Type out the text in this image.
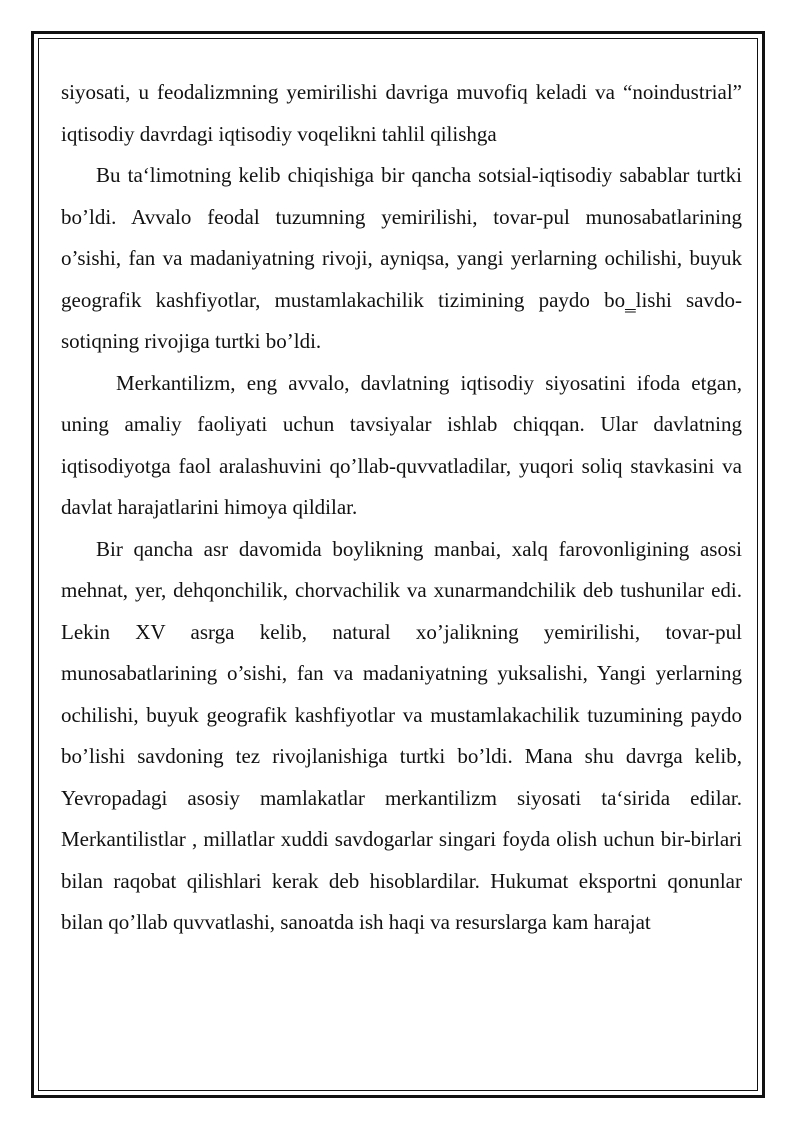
siyosati, u feodalizmning yemirilishi davriga muvofiq keladi va “noindustrial” iqtisodiy davrdagi iqtisodiy voqelikni tahlil qilishga

Bu ta‘limotning kelib chiqishiga bir qancha sotsial-iqtisodiy sabablar turtki bo’ldi. Avvalo feodal tuzumning yemirilishi, tovar-pul munosabatlarining o’sishi, fan va madaniyatning rivoji, ayniqsa, yangi yerlarning ochilishi, buyuk geografik kashfiyotlar, mustamlakachilik tizimining paydo bo‗lishi savdo-sotiqning rivojiga turtki bo’ldi.

Merkantilizm, eng avvalo, davlatning iqtisodiy siyosatini ifoda etgan, uning amaliy faoliyati uchun tavsiyalar ishlab chiqqan. Ular davlatning iqtisodiyotga faol aralashuvini qo’llab-quvvatladilar, yuqori soliq stavkasini va davlat harajatlarini himoya qildilar.

Bir qancha asr davomida boylikning manbai, xalq farovonligining asosi mehnat, yer, dehqonchilik, chorvachilik va xunarmandchilik deb tushunilar edi. Lekin XV asrga kelib, natural xo’jalikning yemirilishi, tovar-pul munosabatlarining o’sishi, fan va madaniyatning yuksalishi, Yangi yerlarning ochilishi, buyuk geografik kashfiyotlar va mustamlakachilik tuzumining paydo bo’lishi savdoning tez rivojlanishiga turtki bo’ldi. Mana shu davrga kelib, Yevropadagi asosiy mamlakatlar merkantilizm siyosati ta‘sirida edilar. Merkantilistlar , millatlar xuddi savdogarlar singari foyda olish uchun bir-birlari bilan raqobat qilishlari kerak deb hisoblardilar. Hukumat eksportni qonunlar bilan qo’llab quvvatlashi, sanoatda ish haqi va resurslarga kam harajat
